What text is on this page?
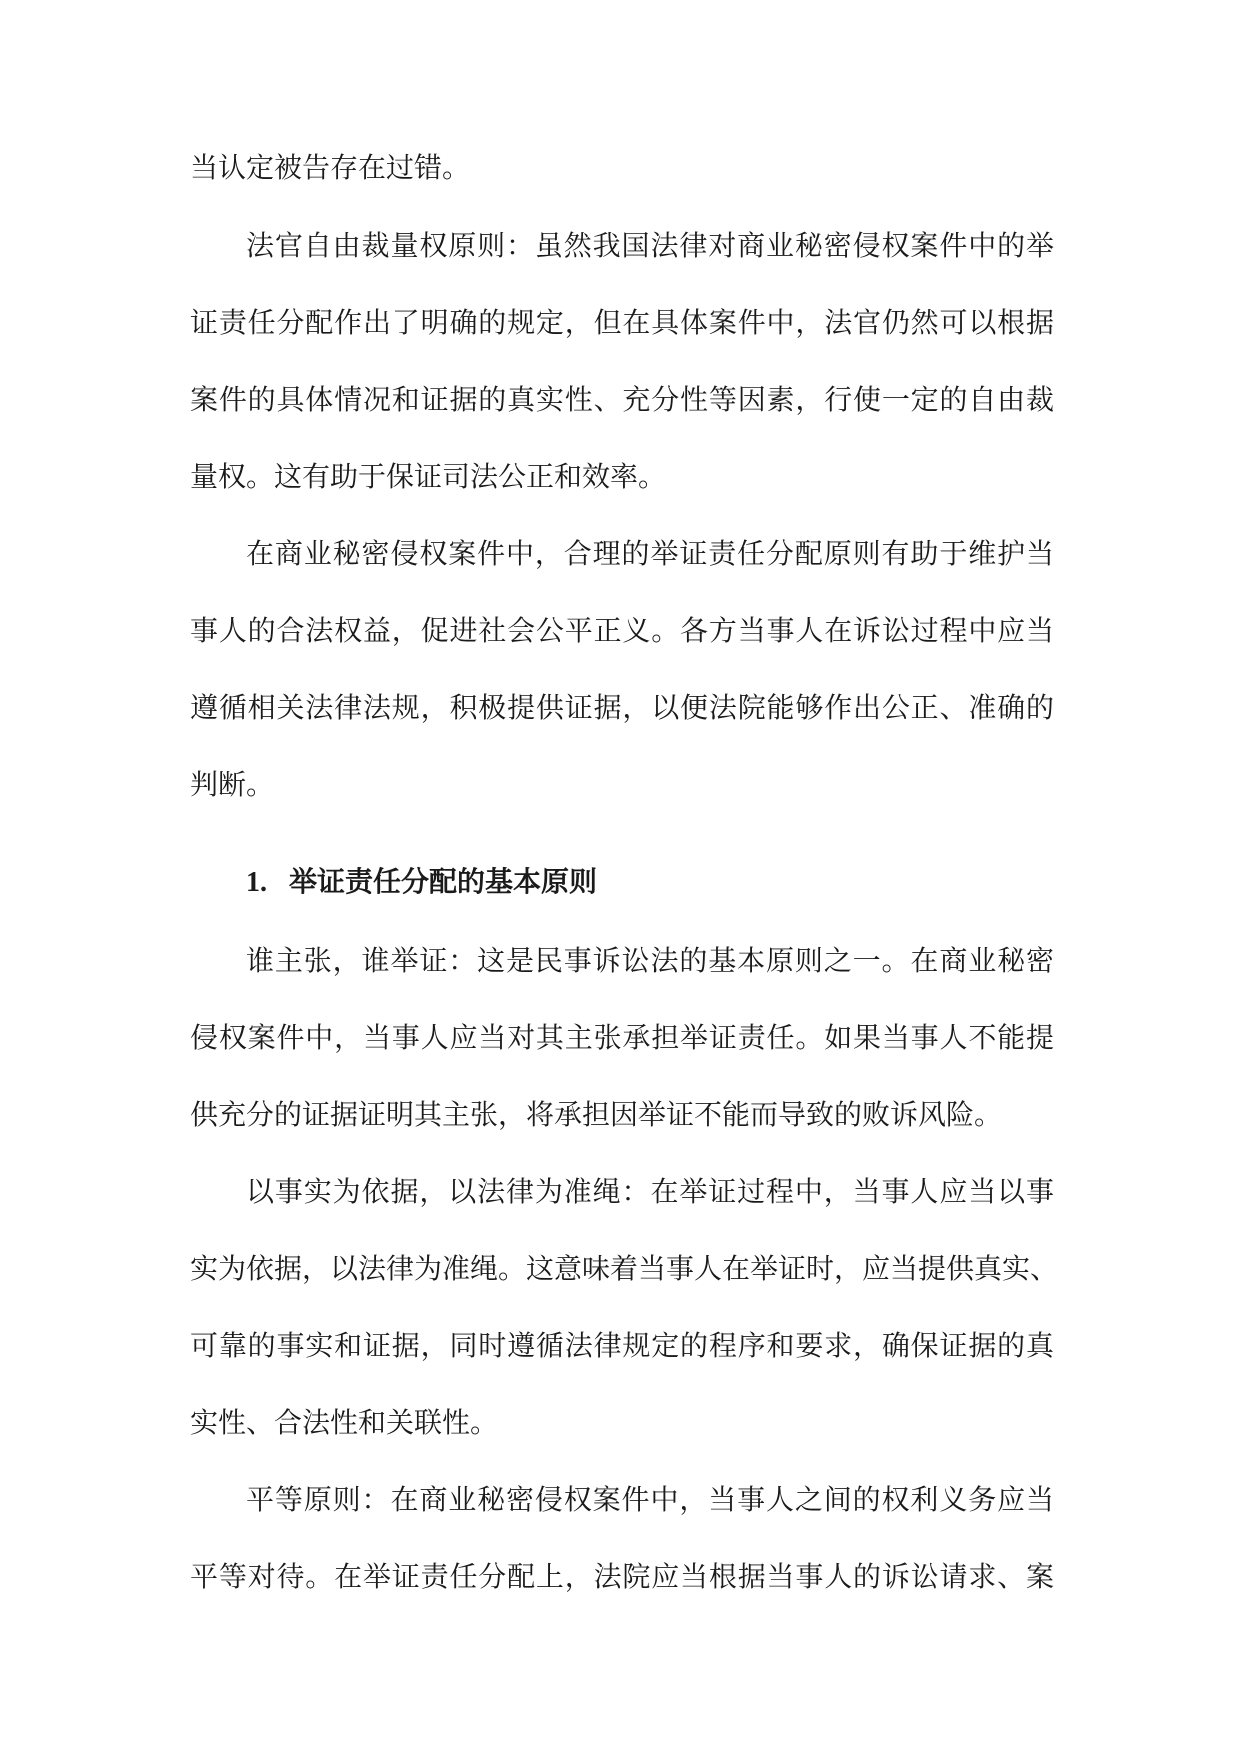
当认定被告存在过错。
法官自由裁量权原则：虽然我国法律对商业秘密侵权案件中的举
证责任分配作出了明确的规定，但在具体案件中，法官仍然可以根据
案件的具体情况和证据的真实性、充分性等因素，行使一定的自由裁
量权。这有助于保证司法公正和效率。
在商业秘密侵权案件中，合理的举证责任分配原则有助于维护当
事人的合法权益，促进社会公平正义。各方当事人在诉讼过程中应当
遵循相关法律法规，积极提供证据，以便法院能够作出公正、准确的
判断。
1. 举证责任分配的基本原则
谁主张，谁举证：这是民事诉讼法的基本原则之一。在商业秘密
侵权案件中，当事人应当对其主张承担举证责任。如果当事人不能提
供充分的证据证明其主张，将承担因举证不能而导致的败诉风险。
以事实为依据，以法律为准绳：在举证过程中，当事人应当以事
实为依据，以法律为准绳。这意味着当事人在举证时，应当提供真实、
可靠的事实和证据，同时遵循法律规定的程序和要求，确保证据的真
实性、合法性和关联性。
平等原则：在商业秘密侵权案件中，当事人之间的权利义务应当
平等对待。在举证责任分配上，法院应当根据当事人的诉讼请求、案
